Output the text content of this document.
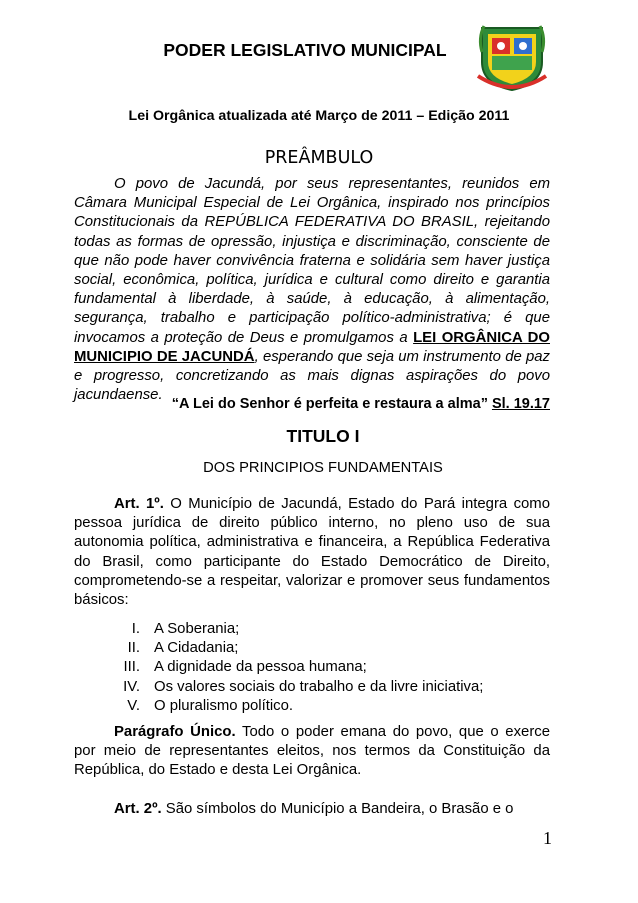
PODER LEGISLATIVO MUNICIPAL
Lei Orgânica atualizada até Março de 2011 – Edição 2011
PREÂMBULO

O povo de Jacundá, por seus representantes, reunidos em Câmara Municipal Especial de Lei Orgânica, inspirado nos princípios Constitucionais da REPÚBLICA FEDERATIVA DO BRASIL, rejeitando todas as formas de opressão, injustiça e discriminação, consciente de que não pode haver convivência fraterna e solidária sem haver justiça social, econômica, política, jurídica e cultural como direito e garantia fundamental à liberdade, à saúde, à educação, à alimentação, segurança, trabalho e participação político-administrativa; é que invocamos a proteção de Deus e promulgamos a LEI ORGÂNICA DO MUNICIPIO DE JACUNDÁ, esperando que seja um instrumento de paz e progresso, concretizando as mais dignas aspirações do povo jacundaense.

“A Lei do Senhor é perfeita e restaura a alma” Sl. 19.17
TITULO I
DOS PRINCIPIOS FUNDAMENTAIS

Art. 1º. O Município de Jacundá, Estado do Pará integra como pessoa jurídica de direito público interno, no pleno uso de sua autonomia política, administrativa e financeira, a República Federativa do Brasil, como participante do Estado Democrático de Direito, comprometendo-se a respeitar, valorizar e promover seus fundamentos básicos:

I. A Soberania;
II. A Cidadania;
III. A dignidade da pessoa humana;
IV. Os valores sociais do trabalho e da livre iniciativa;
V. O pluralismo político.

Parágrafo Único. Todo o poder emana do povo, que o exerce por meio de representantes eleitos, nos termos da Constituição da República, do Estado e desta Lei Orgânica.

Art. 2º. São símbolos do Município a Bandeira, o Brasão e o

1
